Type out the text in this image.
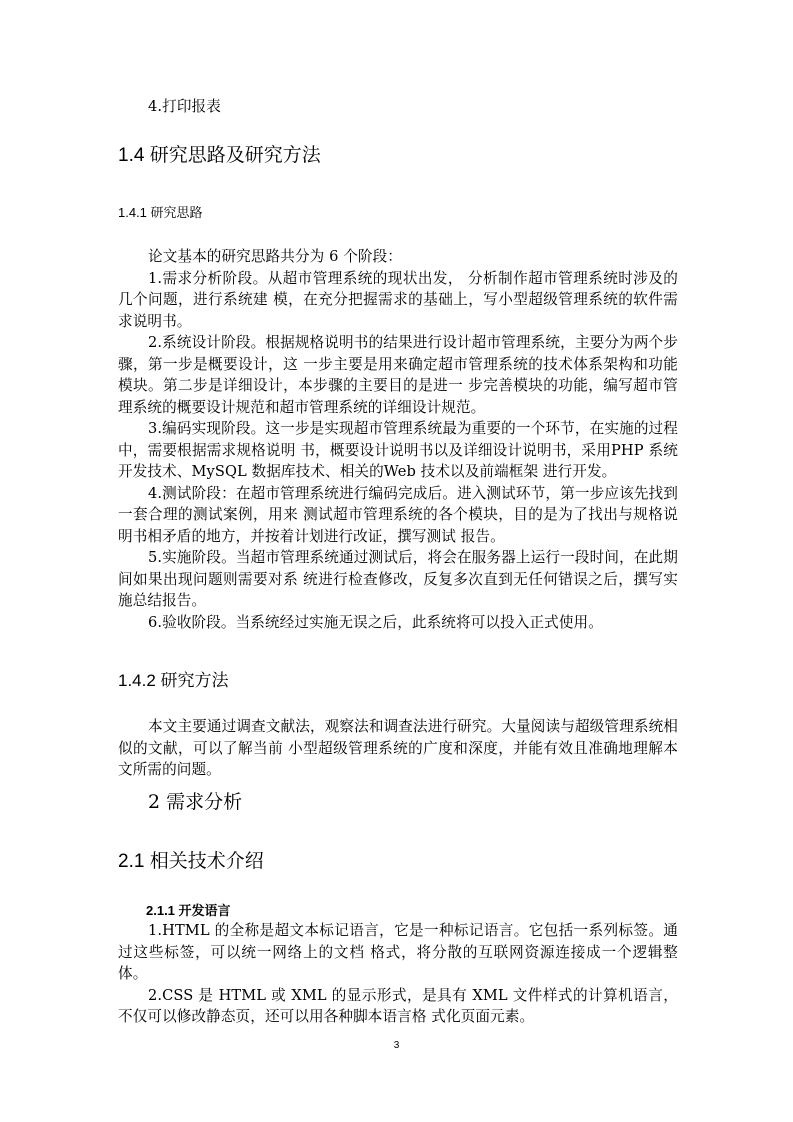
4.打印报表

1.4 研究思路及研究方法

1.4.1 研究思路

论文基本的研究思路共分为 6 个阶段：

1.需求分析阶段。从超市管理系统的现状出发， 分析制作超市管理系统时涉及的几个问题，进行系统建 模，在充分把握需求的基础上，写小型超级管理系统的软件需求说明书。

2.系统设计阶段。根据规格说明书的结果进行设计超市管理系统，主要分为两个步骤，第一步是概要设计，这 一步主要是用来确定超市管理系统的技术体系架构和功能模块。第二步是详细设计，本步骤的主要目的是进一 步完善模块的功能，编写超市管理系统的概要设计规范和超市管理系统的详细设计规范。

3.编码实现阶段。这一步是实现超市管理系统最为重要的一个环节，在实施的过程中，需要根据需求规格说明 书，概要设计说明书以及详细设计说明书，采用PHP 系统开发技术、MySQL 数据库技术、相关的Web 技术以及前端框架 进行开发。

4.测试阶段：在超市管理系统进行编码完成后。进入测试环节，第一步应该先找到一套合理的测试案例，用来 测试超市管理系统的各个模块，目的是为了找出与规格说明书相矛盾的地方，并按着计划进行改证，撰写测试 报告。

5.实施阶段。当超市管理系统通过测试后，将会在服务器上运行一段时间，在此期间如果出现问题则需要对系 统进行检查修改，反复多次直到无任何错误之后，撰写实施总结报告。

6.验收阶段。当系统经过实施无误之后，此系统将可以投入正式使用。

1.4.2 研究方法

本文主要通过调查文献法，观察法和调查法进行研究。大量阅读与超级管理系统相似的文献，可以了解当前 小型超级管理系统的广度和深度，并能有效且准确地理解本文所需的问题。

2 需求分析

2.1 相关技术介绍

2.1.1 开发语言

1.HTML 的全称是超文本标记语言，它是一种标记语言。它包括一系列标签。通过这些标签，可以统一网络上的文档 格式，将分散的互联网资源连接成一个逻辑整体。

2.CSS 是 HTML 或 XML 的显示形式，是具有 XML 文件样式的计算机语言，不仅可以修改静态页，还可以用各种脚本语言格 式化页面元素。

3
